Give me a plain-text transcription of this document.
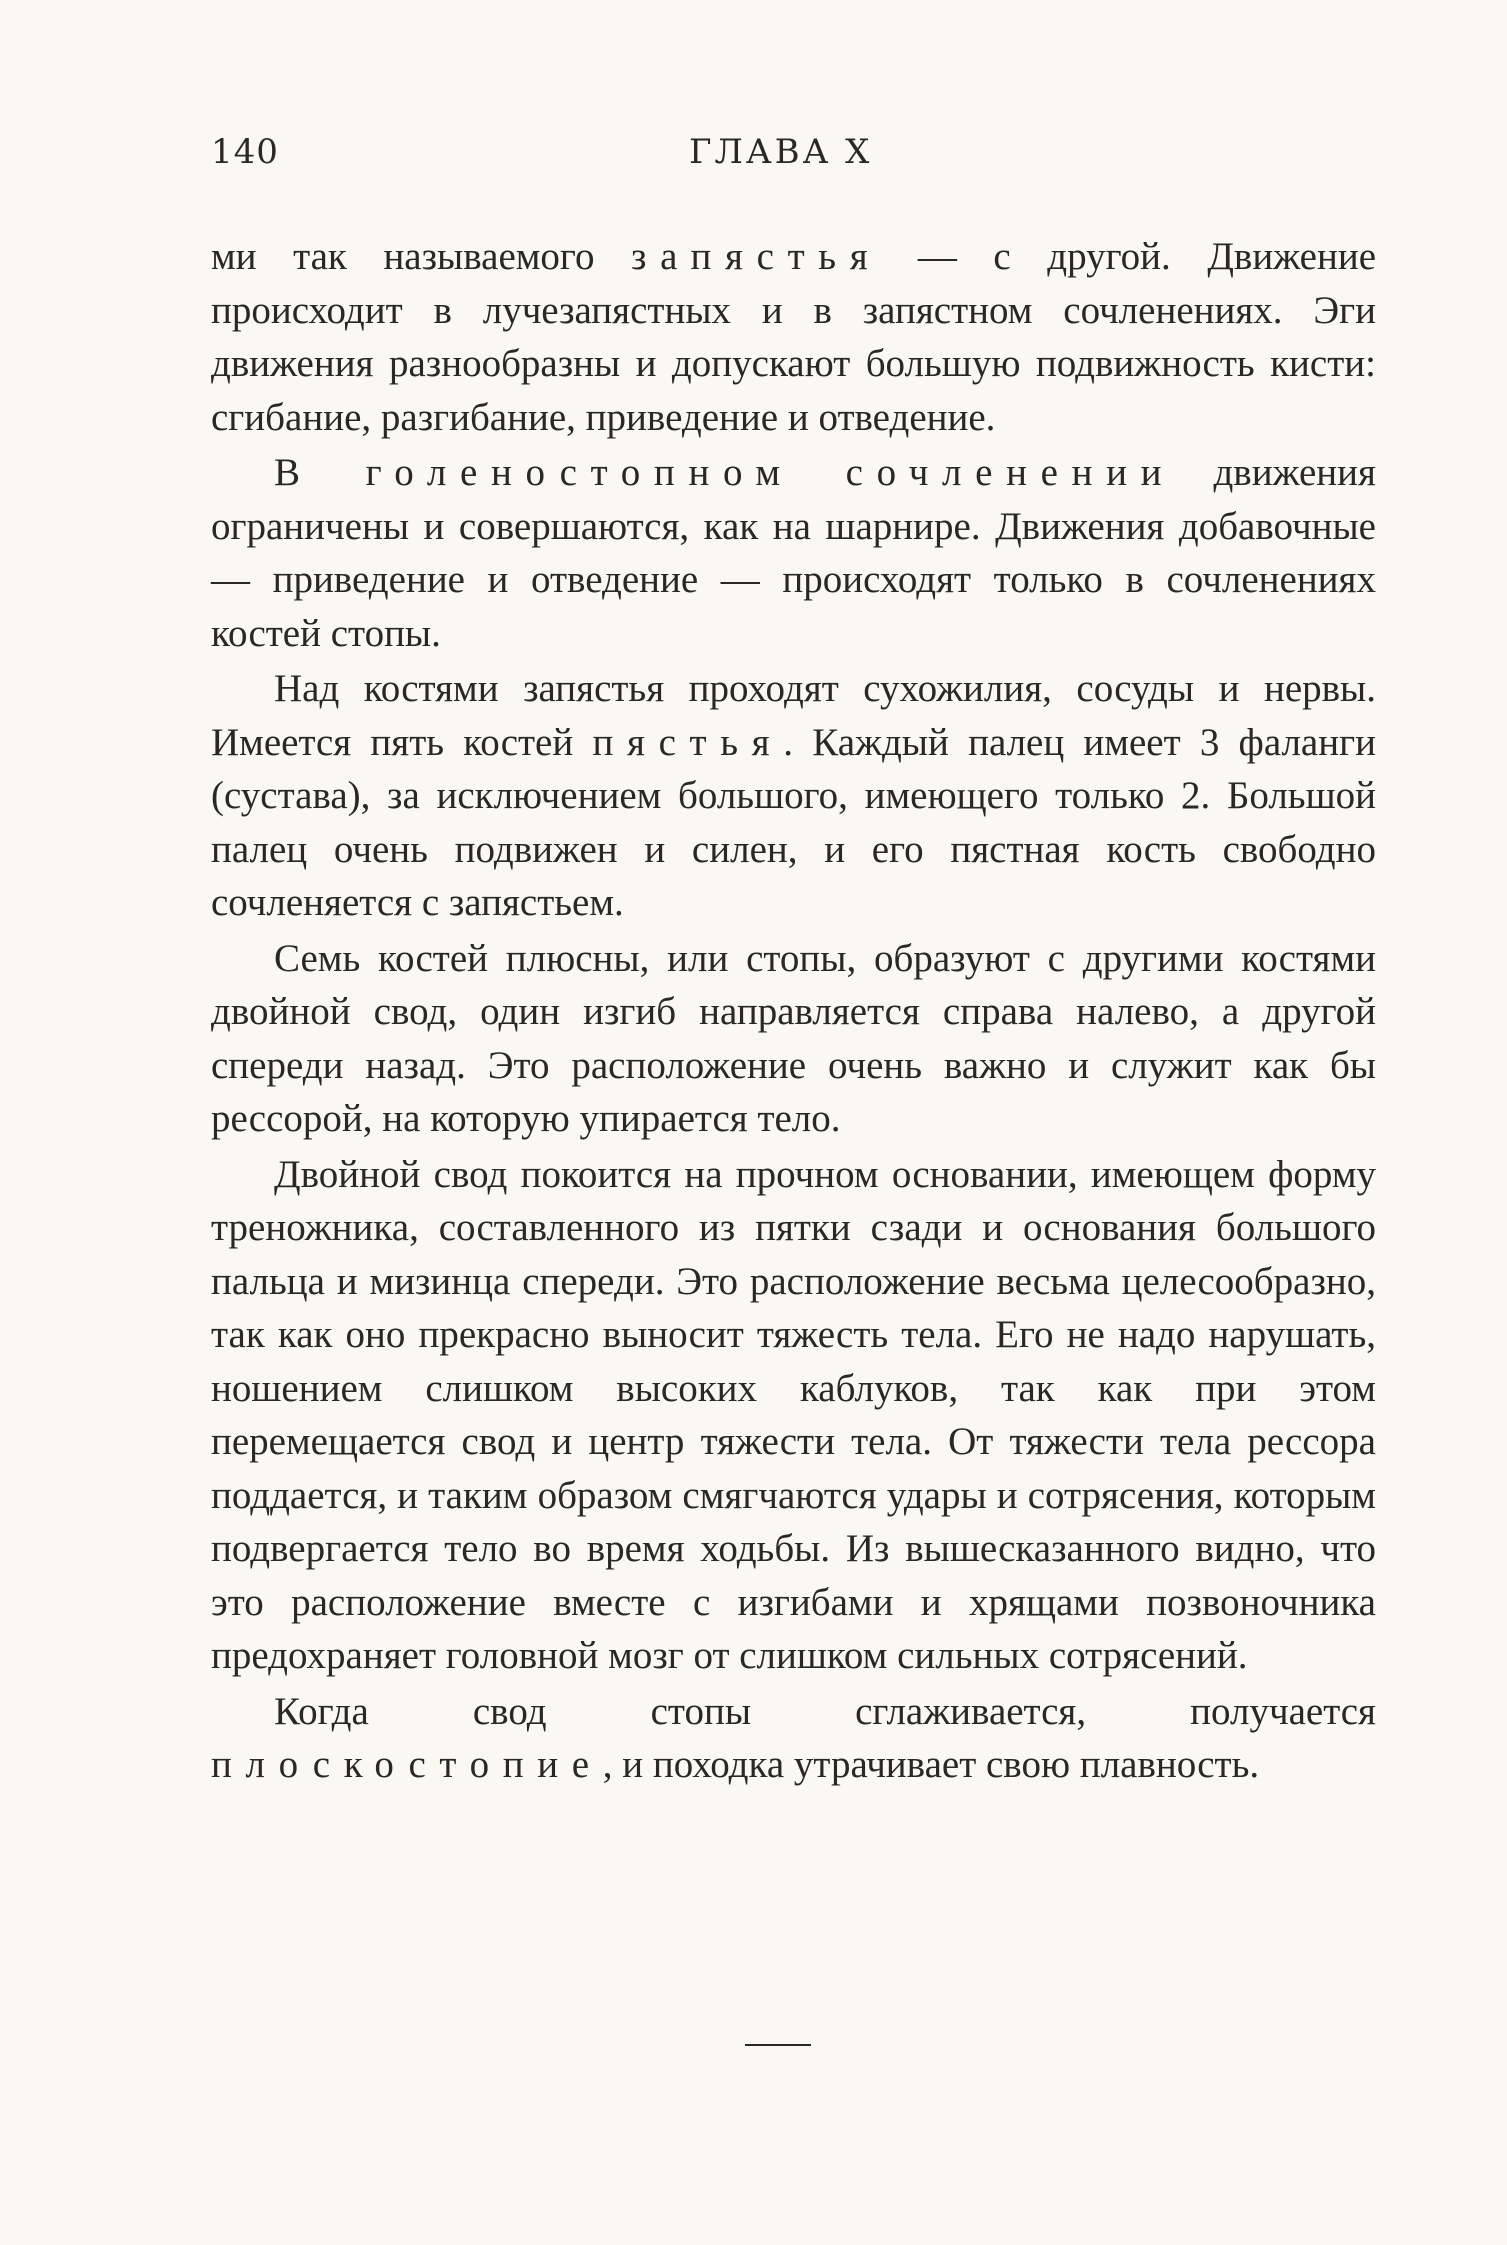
140	ГЛАВА X

ми так называемого запястья — с другой. Движение происходит в лучезапястных и в запястном сочленениях. Эги движения разнообразны и допускают большую подвижность кисти: сгибание, разгибание, приведение и отведение.

В голеностопном сочленении движения ограничены и совершаются, как на шарнире. Движения добавочные — приведение и отведение — происходят только в сочленениях костей стопы.

Над костями запястья проходят сухожилия, сосуды и нервы. Имеется пять костей пястья. Каждый палец имеет 3 фаланги (сустава), за исключением большого, имеющего только 2. Большой палец очень подвижен и силен, и его пястная кость свободно сочленяется с запястьем.

Семь костей плюсны, или стопы, образуют с другими костями двойной свод, один изгиб направляется справа налево, а другой спереди назад. Это расположение очень важно и служит как бы рессорой, на которую упирается тело.

Двойной свод покоится на прочном основании, имеющем форму треножника, составленного из пятки сзади и основания большого пальца и мизинца спереди. Это расположение весьма целесообразно, так как оно прекрасно выносит тяжесть тела. Его не надо нарушать, ношением слишком высоких каблуков, так как при этом перемещается свод и центр тяжести тела. От тяжести тела рессора поддается, и таким образом смягчаются удары и сотрясения, которым подвергается тело во время ходьбы. Из вышесказанного видно, что это расположение вместе с изгибами и хрящами позвоночника предохраняет головной мозг от слишком сильных сотрясений.

Когда свод стопы сглаживается, получается плоскостопие, и походка утрачивает свою плавность.
